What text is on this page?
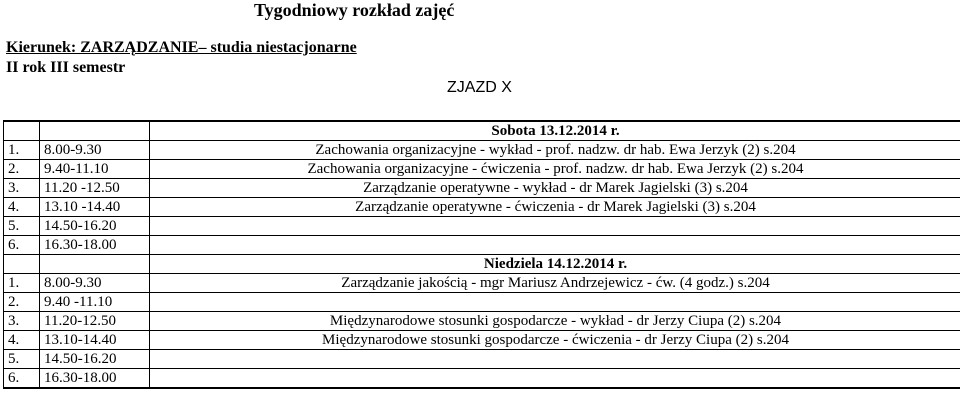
Tygodniowy rozkład zajęć
Kierunek: ZARZĄDZANIE– studia niestacjonarne
II rok III semestr
ZJAZD X
		Sobota 13.12.2014 r.
1.	8.00-9.30	Zachowania organizacyjne - wykład - prof. nadzw. dr hab. Ewa Jerzyk (2) s.204
2.	9.40-11.10	Zachowania organizacyjne - ćwiczenia - prof. nadzw. dr hab. Ewa Jerzyk (2) s.204
3.	11.20 -12.50	Zarządzanie operatywne - wykład - dr Marek Jagielski (3) s.204
4.	13.10 -14.40	Zarządzanie operatywne - ćwiczenia - dr Marek Jagielski (3) s.204
5.	14.50-16.20	
6.	16.30-18.00	
		Niedziela 14.12.2014 r.
1.	8.00-9.30	Zarządzanie jakością - mgr Mariusz Andrzejewicz - ćw. (4 godz.) s.204
2.	9.40 -11.10	
3.	11.20-12.50	Międzynarodowe stosunki gospodarcze - wykład - dr Jerzy Ciupa (2) s.204
4.	13.10-14.40	Międzynarodowe stosunki gospodarcze - ćwiczenia - dr Jerzy Ciupa (2) s.204
5.	14.50-16.20	
6.	16.30-18.00	
